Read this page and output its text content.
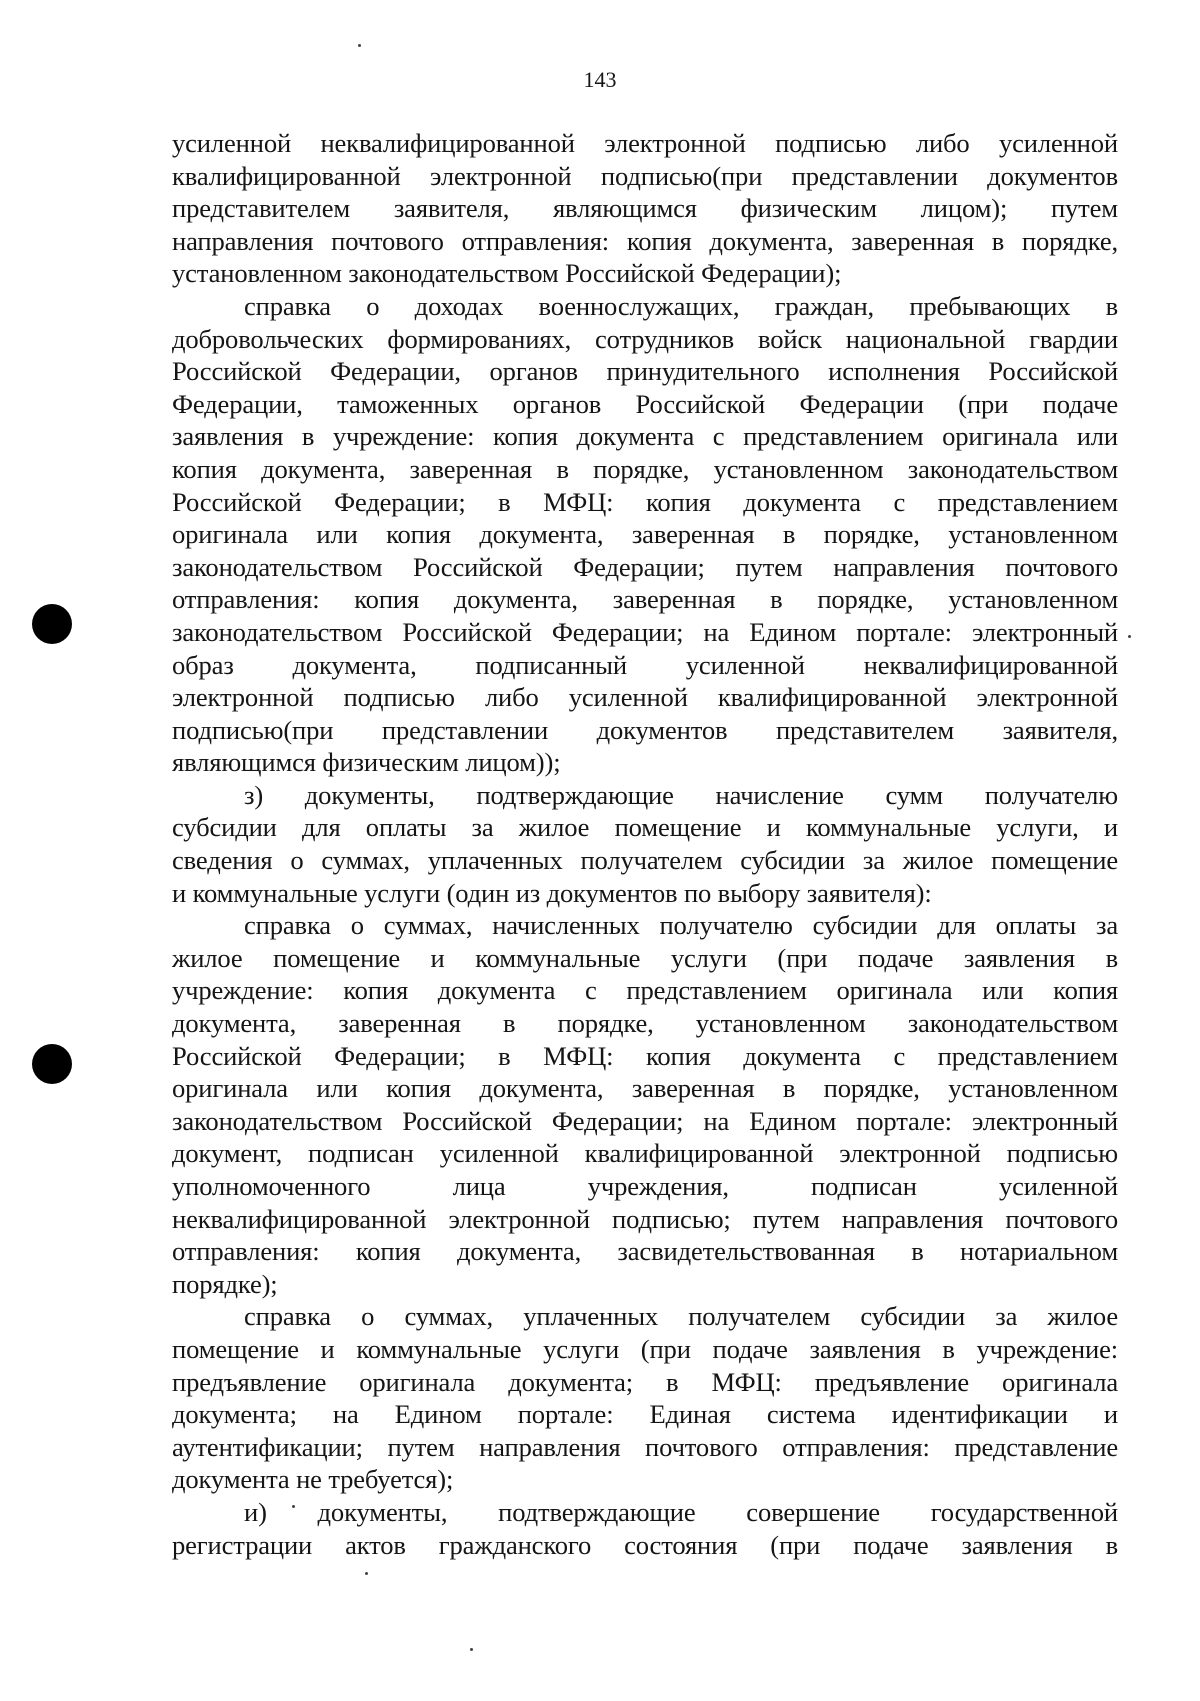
143
усиленной неквалифицированной электронной подписью либо усиленной
квалифицированной электронной подписью(при представлении документов
представителем заявителя, являющимся физическим лицом); путем
направления почтового отправления: копия документа, заверенная в порядке,
установленном законодательством Российской Федерации);
справка о доходах военнослужащих, граждан, пребывающих в
добровольческих формированиях, сотрудников войск национальной гвардии
Российской Федерации, органов принудительного исполнения Российской
Федерации, таможенных органов Российской Федерации (при подаче
заявления в учреждение: копия документа с представлением оригинала или
копия документа, заверенная в порядке, установленном законодательством
Российской Федерации; в МФЦ: копия документа с представлением
оригинала или копия документа, заверенная в порядке, установленном
законодательством Российской Федерации; путем направления почтового
отправления: копия документа, заверенная в порядке, установленном
законодательством Российской Федерации; на Едином портале: электронный
образ документа, подписанный усиленной неквалифицированной
электронной подписью либо усиленной квалифицированной электронной
подписью(при представлении документов представителем заявителя,
являющимся физическим лицом));
з) документы, подтверждающие начисление сумм получателю
субсидии для оплаты за жилое помещение и коммунальные услуги, и
сведения о суммах, уплаченных получателем субсидии за жилое помещение
и коммунальные услуги (один из документов по выбору заявителя):
справка о суммах, начисленных получателю субсидии для оплаты за
жилое помещение и коммунальные услуги (при подаче заявления в
учреждение: копия документа с представлением оригинала или копия
документа, заверенная в порядке, установленном законодательством
Российской Федерации; в МФЦ: копия документа с представлением
оригинала или копия документа, заверенная в порядке, установленном
законодательством Российской Федерации; на Едином портале: электронный
документ, подписан усиленной квалифицированной электронной подписью
уполномоченного лица учреждения, подписан усиленной
неквалифицированной электронной подписью; путем направления почтового
отправления: копия документа, засвидетельствованная в нотариальном
порядке);
справка о суммах, уплаченных получателем субсидии за жилое
помещение и коммунальные услуги (при подаче заявления в учреждение:
предъявление оригинала документа; в МФЦ: предъявление оригинала
документа; на Едином портале: Единая система идентификации и
аутентификации; путем направления почтового отправления: представление
документа не требуется);
и) документы, подтверждающие совершение государственной
регистрации актов гражданского состояния (при подаче заявления в
